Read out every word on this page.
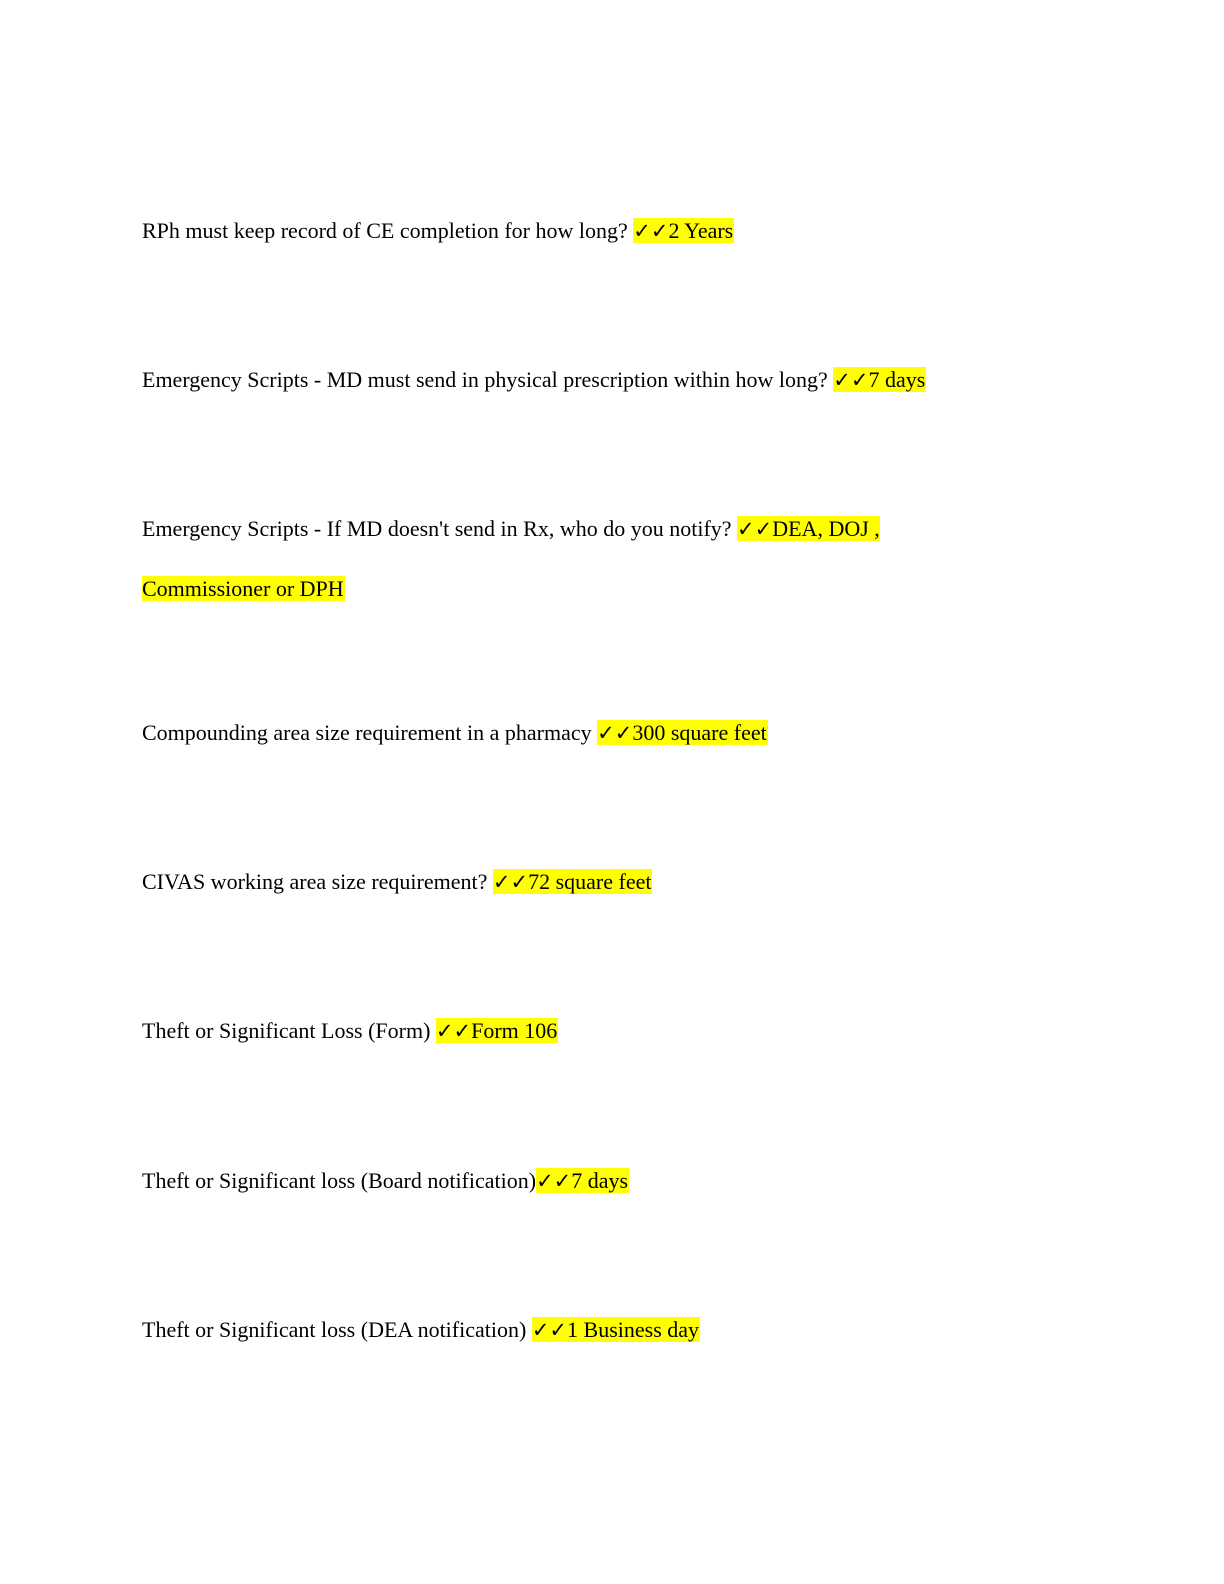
RPh must keep record of CE completion for how long? ✓✓2 Years

Emergency Scripts - MD must send in physical prescription within how long? ✓✓7 days

Emergency Scripts - If MD doesn't send in Rx, who do you notify? ✓✓DEA, DOJ , Commissioner or DPH

Compounding area size requirement in a pharmacy ✓✓300 square feet

CIVAS working area size requirement? ✓✓72 square feet

Theft or Significant Loss (Form) ✓✓Form 106

Theft or Significant loss (Board notification)✓✓7 days

Theft or Significant loss (DEA notification) ✓✓1 Business day
